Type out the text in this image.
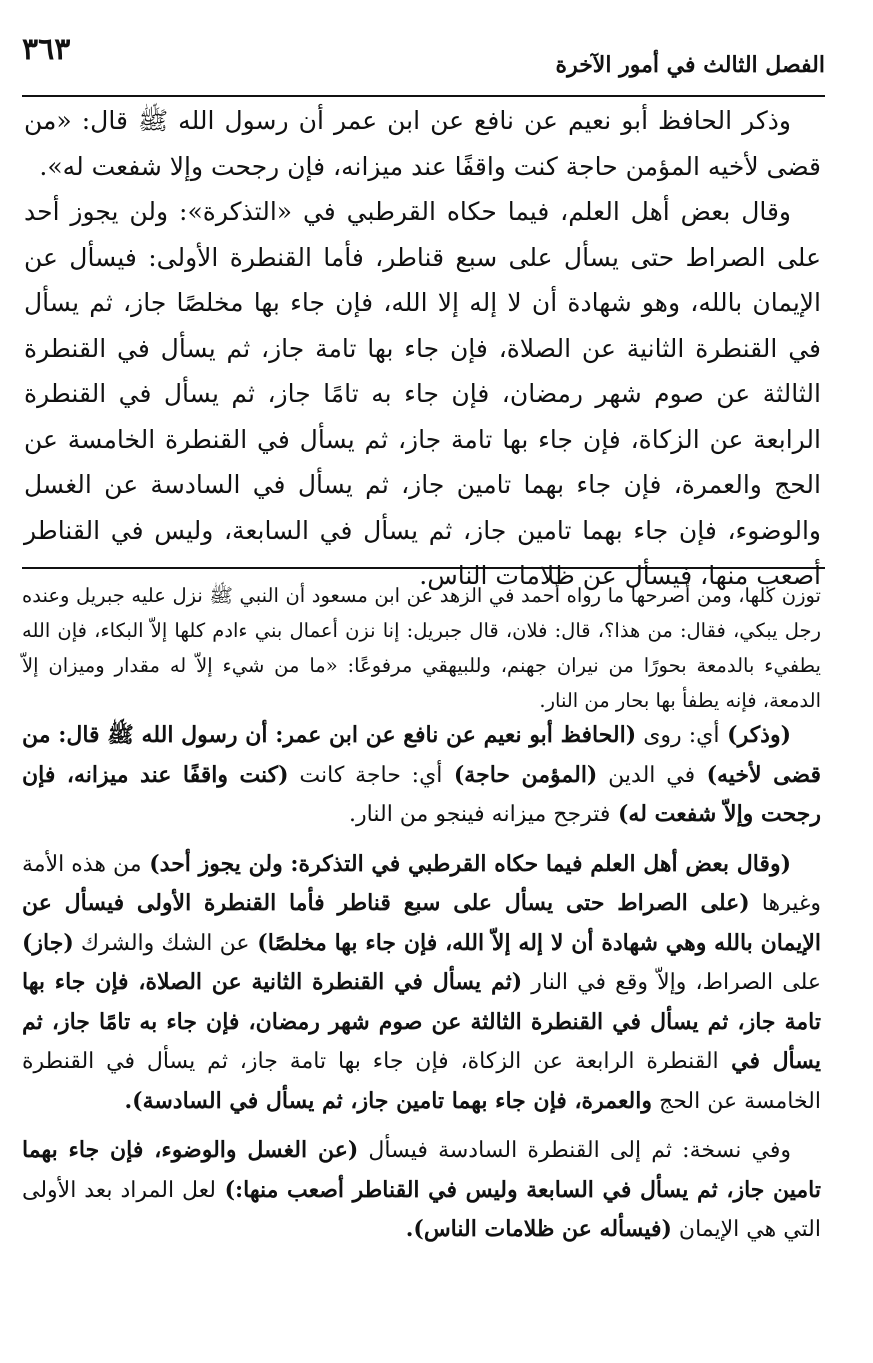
٣٦٣	الفصل الثالث في أمور الآخرة

وذكر الحافظ أبو نعيم عن نافع عن ابن عمر أن رسول الله ﷺ قال: «من قضى لأخيه المؤمن حاجة كنت واقفًا عند ميزانه، فإن رجحت وإلا شفعت له».

وقال بعض أهل العلم، فيما حكاه القرطبي في «التذكرة»: ولن يجوز أحد على الصراط حتى يسأل على سبع قناطر، فأما القنطرة الأولى: فيسأل عن الإيمان بالله، وهو شهادة أن لا إله إلا الله، فإن جاء بها مخلصًا جاز، ثم يسأل في القنطرة الثانية عن الصلاة، فإن جاء بها تامة جاز، ثم يسأل في القنطرة الثالثة عن صوم شهر رمضان، فإن جاء به تامًا جاز، ثم يسأل في القنطرة الرابعة عن الزكاة، فإن جاء بها تامة جاز، ثم يسأل في القنطرة الخامسة عن الحج والعمرة، فإن جاء بهما تامين جاز، ثم يسأل في السادسة عن الغسل والوضوء، فإن جاء بهما تامين جاز، ثم يسأل في السابعة، وليس في القناطر أصعب منها، فيسأل عن ظلامات الناس.

توزن كلها، ومن أصرحها ما رواه أحمد في الزهد عن ابن مسعود أن النبي ﷺ نزل عليه جبريل وعنده رجل يبكي، فقال: من هذا؟، قال: فلان، قال جبريل: إنا نزن أعمال بني ءادم كلها إلاّ البكاء، فإن الله يطفيء بالدمعة بحورًا من نيران جهنم، وللبيهقي مرفوعًا: «ما من شيء إلاّ له مقدار وميزان إلاّ الدمعة، فإنه يطفأ بها بحار من النار.

(وذكر) أي: روى (الحافظ أبو نعيم عن نافع عن ابن عمر: أن رسول الله ﷺ قال: من قضى لأخيه) في الدين (المؤمن حاجة) أي: حاجة كانت (كنت واقفًا عند ميزانه، فإن رجحت وإلاّ شفعت له) فترجح ميزانه فينجو من النار.

(وقال بعض أهل العلم فيما حكاه القرطبي في التذكرة: ولن يجوز أحد) من هذه الأمة وغيرها (على الصراط حتى يسأل على سبع قناطر فأما القنطرة الأولى فيسأل عن الإيمان بالله وهي شهادة أن لا إله إلاّ الله، فإن جاء بها مخلصًا) عن الشك والشرك (جاز) على الصراط، وإلاّ وقع في النار (ثم يسأل في القنطرة الثانية عن الصلاة، فإن جاء بها تامة جاز، ثم يسأل في القنطرة الثالثة عن صوم شهر رمضان، فإن جاء به تامًا جاز، ثم يسأل في القنطرة الرابعة عن الزكاة، فإن جاء بها تامة جاز، ثم يسأل في القنطرة الخامسة عن الحج والعمرة، فإن جاء بهما تامين جاز، ثم يسأل في السادسة).

وفي نسخة: ثم إلى القنطرة السادسة فيسأل (عن الغسل والوضوء، فإن جاء بهما تامين جاز، ثم يسأل في السابعة وليس في القناطر أصعب منها:) لعل المراد بعد الأولى التي هي الإيمان (فيسأله عن ظلامات الناس).
